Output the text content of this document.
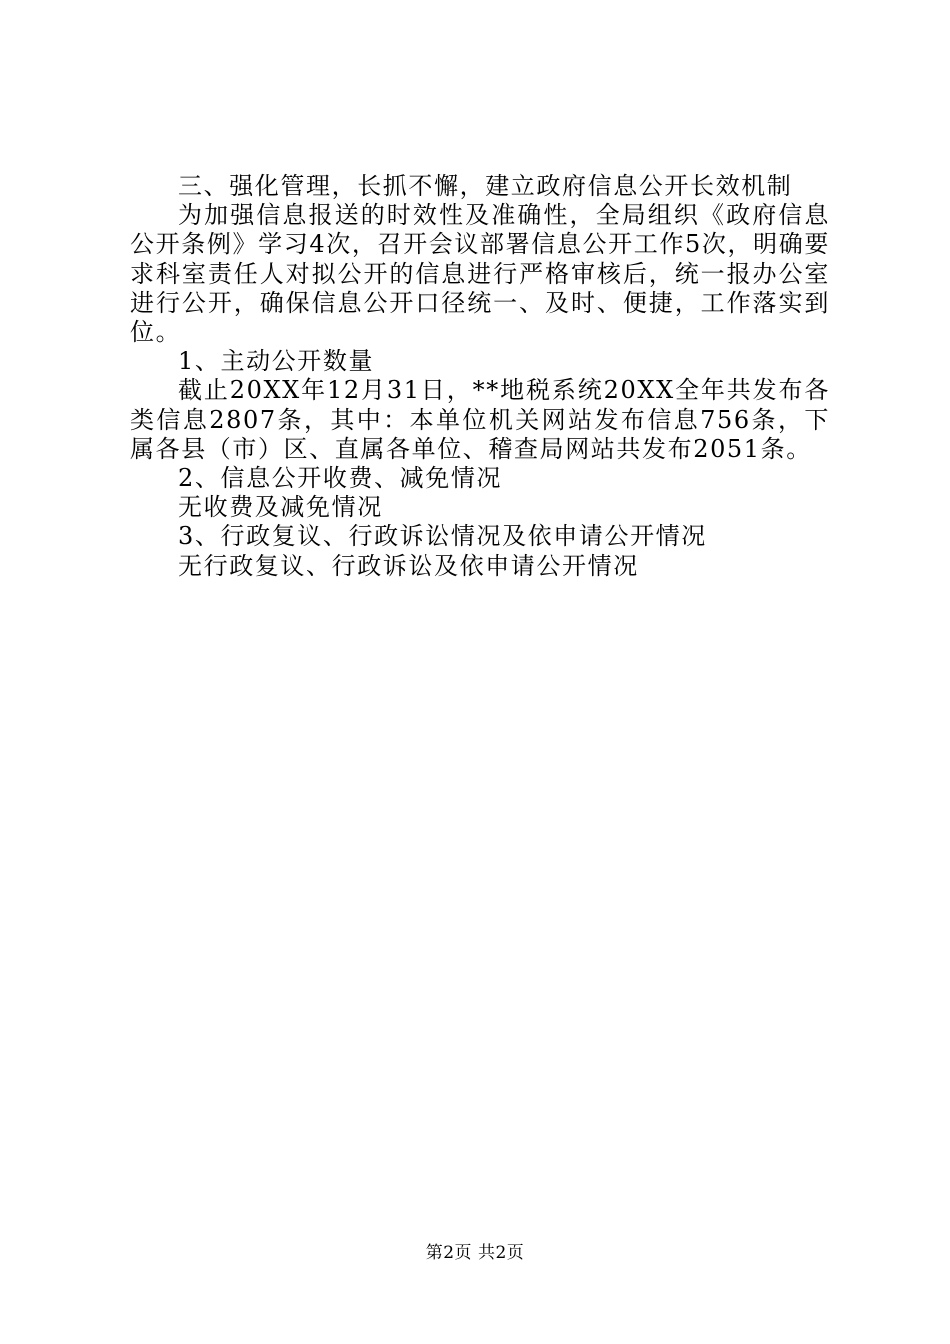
三、强化管理，长抓不懈，建立政府信息公开长效机制

为加强信息报送的时效性及准确性，全局组织《政府信息公开条例》学习4次，召开会议部署信息公开工作5次，明确要求科室责任人对拟公开的信息进行严格审核后，统一报办公室进行公开，确保信息公开口径统一、及时、便捷，工作落实到位。

1、主动公开数量

截止20XX年12月31日，**地税系统20XX全年共发布各类信息2807条，其中：本单位机关网站发布信息756条，下属各县（市）区、直属各单位、稽查局网站共发布2051条。

2、信息公开收费、减免情况

无收费及减免情况

3、行政复议、行政诉讼情况及依申请公开情况

无行政复议、行政诉讼及依申请公开情况

第2页 共2页
